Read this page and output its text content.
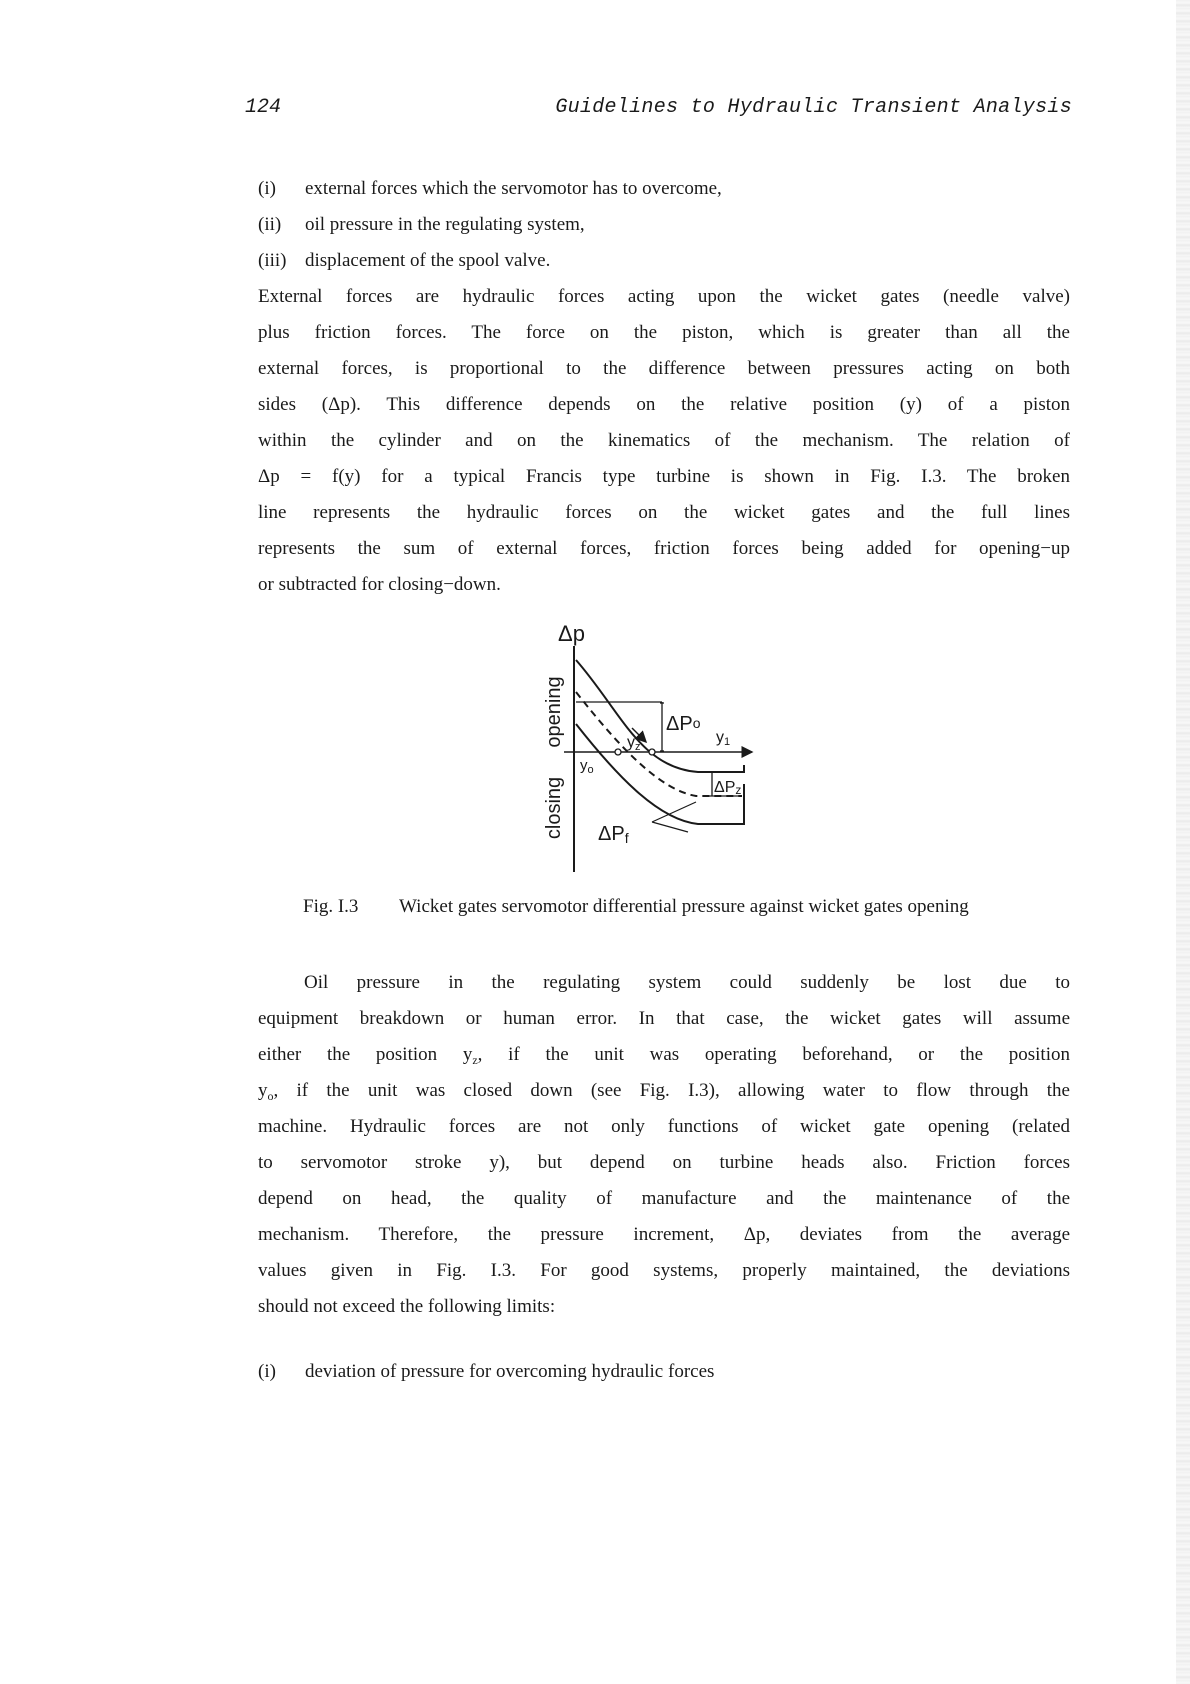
124	Guidelines to Hydraulic Transient Analysis
(i)	external forces which the servomotor has to overcome,
(ii)	oil pressure in the regulating system,
(iii) displacement of the spool valve.
External forces are hydraulic forces acting upon the wicket gates (needle valve)
plus friction forces. The force on the piston, which is greater than all the
external forces, is proportional to the difference between pressures acting on both
sides (Δp). This difference depends on the relative position (y) of a piston
within the cylinder and on the kinematics of the mechanism. The relation of
Δp = f(y) for a typical Francis type turbine is shown in Fig. I.3. The broken
line represents the hydraulic forces on the wicket gates and the full lines
represents the sum of external forces, friction forces being added for opening−up
or subtracted for closing−down.
Δp
opening
closing
ΔPo
y1
yz
$y_o$
ΔPz
ΔPf
Fig. I.3 Wicket gates servomotor differential pressure against wicket gates opening
Oil pressure in the regulating system could suddenly be lost due to
equipment breakdown or human error. In that case, the wicket gates will assume
either the position $y_z$, if the unit was operating beforehand, or the position
$y_o$, if the unit was closed down (see Fig. I.3), allowing water to flow through the
machine. Hydraulic forces are not only functions of wicket gate opening (related
to servomotor stroke y), but depend on turbine heads also. Friction forces
depend on head, the quality of manufacture and the maintenance of the
mechanism. Therefore, the pressure increment, Δp, deviates from the average
values given in Fig. I.3. For good systems, properly maintained, the deviations
should not exceed the following limits:
(i)	deviation of pressure for overcoming hydraulic forces
